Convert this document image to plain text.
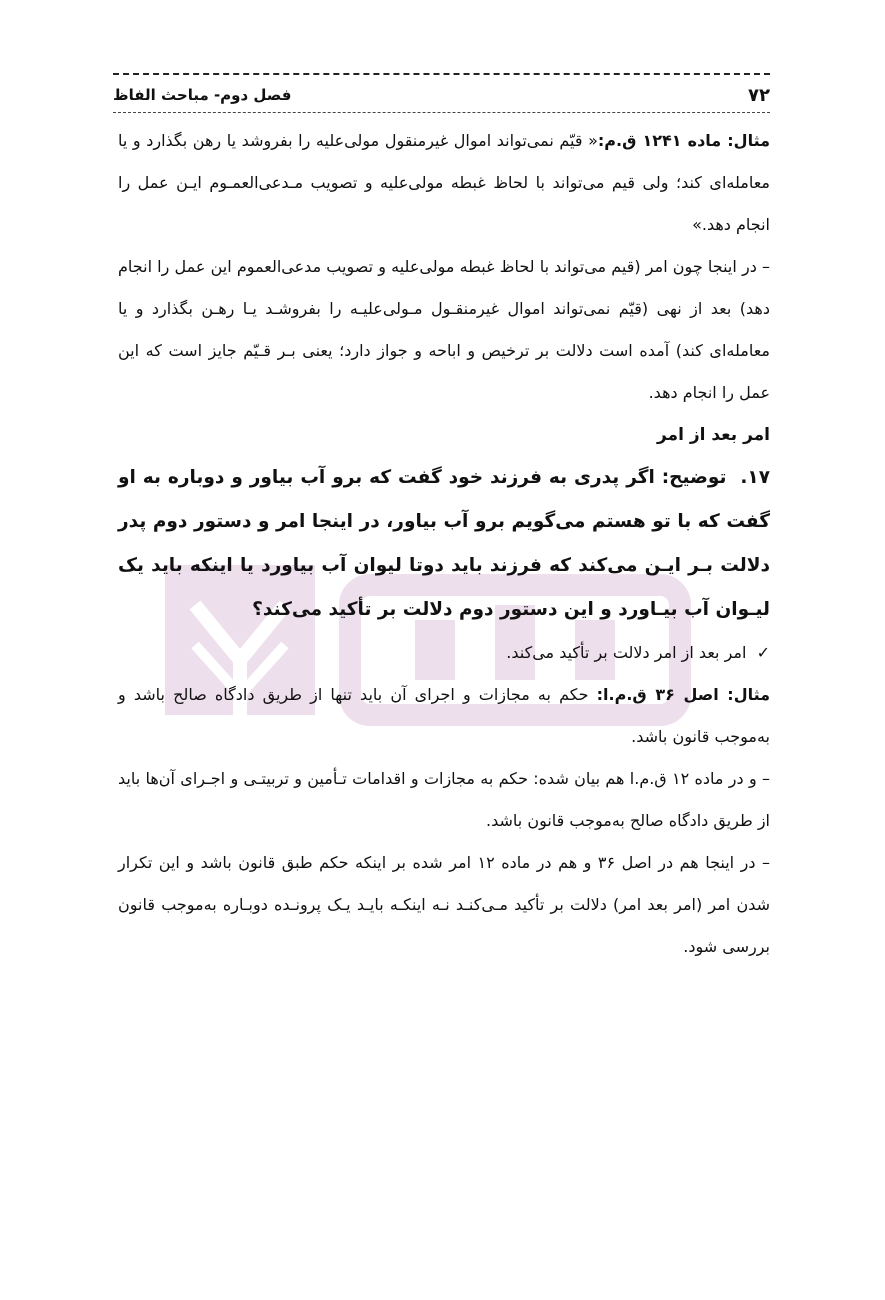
۷۲
فصل دوم- مباحث الفاظ

مثال: ماده ۱۲۴۱ ق.م:« قیّم نمی‌تواند اموال غیرمنقول مولی‌علیه را بفروشد یا رهن بگذارد و یا معامله‌ای کند؛ ولی قیم می‌تواند با لحاظ غبطه مولی‌علیه و تصویب مـدعی‌العمـوم ایـن عمل را انجام دهد.»

– در اینجا چون امر (قیم می‌تواند با لحاظ غبطه مولی‌علیه و تصویب مدعی‌العموم این عمل را انجام دهد) بعد از نهی (قیّم نمی‌تواند اموال غیرمنقـول مـولی‌علیـه را بفروشـد یـا رهـن بگذارد و یا معامله‌ای کند) آمده است دلالت بر ترخیص و اباحه و جواز دارد؛ یعنی بـر قـیّم جایز است که این عمل را انجام دهد.

امر بعد از امر

۱۷.  توضیح: اگر پدری به فرزند خود گفت که برو آب بیاور و دوباره به او گفت که با تو هستم می‌گویم برو آب بیاور، در اینجا امر و دستور دوم پدر دلالت بـر ایـن می‌کند که فرزند باید دوتا لیوان آب بیاورد یا اینکه باید یک لیـوان آب بیـاورد و این دستور دوم دلالت بر تأکید می‌کند؟

✓  امر بعد از امر دلالت بر تأکید می‌کند.

مثال: اصل ۳۶ ق.م.ا: حکم به مجازات و اجرای آن باید تنها از طریق دادگاه صالح باشد و به‌موجب قانون باشد.

– و در ماده ۱۲ ق.م.ا هم بیان شده: حکم به مجازات و اقدامات تـأمین و تربیتـی و اجـرای آن‌ها باید از طریق دادگاه صالح به‌موجب قانون باشد.

– در اینجا هم در اصل ۳۶ و هم در ماده ۱۲ امر شده بر اینکه حکم طبق قانون باشد و این تکرار شدن امر (امر بعد امر) دلالت بر تأکید مـی‌کنـد نـه اینکـه بایـد یـک پرونـده دوبـاره به‌موجب قانون بررسی شود.
